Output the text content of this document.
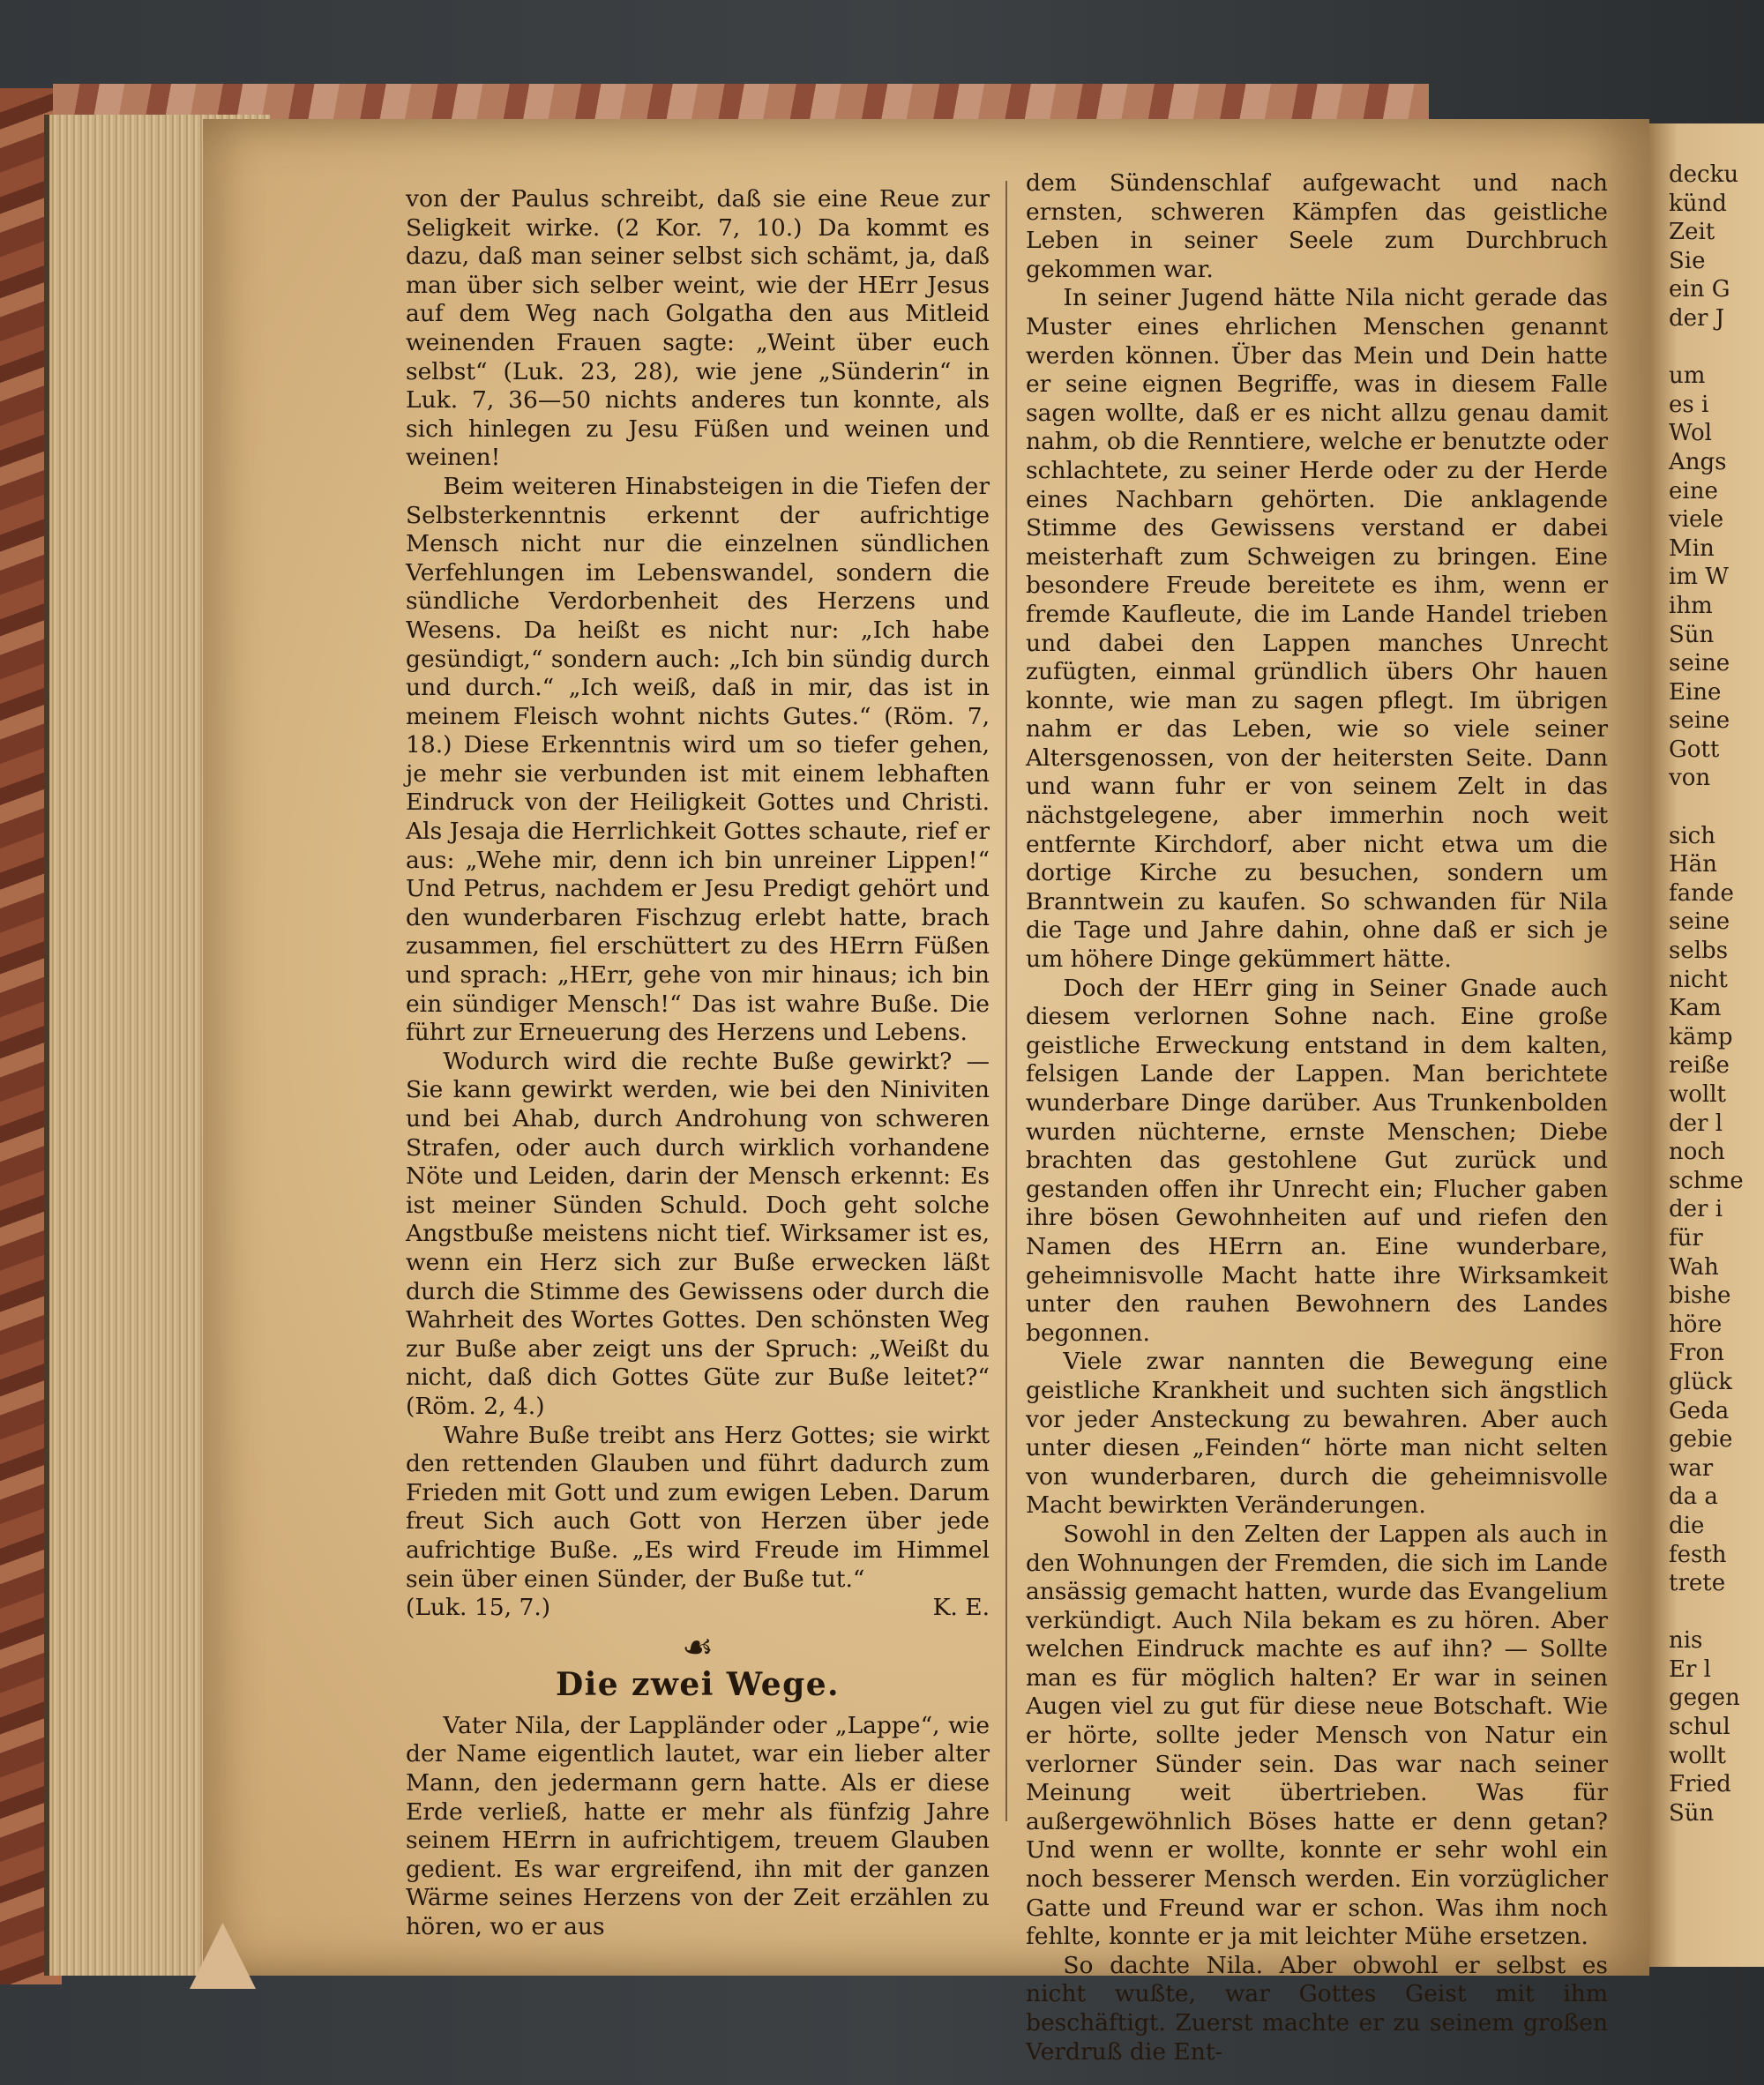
von der Paulus schreibt, daß sie eine Reue zur Seligkeit wirke. (2 Kor. 7, 10.) Da kommt es dazu, daß man seiner selbst sich schämt, ja, daß man über sich selber weint, wie der HErr Jesus auf dem Weg nach Golgatha den aus Mitleid weinenden Frauen sagte: „Weint über euch selbst“ (Luk. 23, 28), wie jene „Sünderin“ in Luk. 7, 36—50 nichts anderes tun konnte, als sich hinlegen zu Jesu Füßen und weinen und weinen!

Beim weiteren Hinabsteigen in die Tiefen der Selbsterkenntnis erkennt der aufrichtige Mensch nicht nur die einzelnen sündlichen Verfehlungen im Lebenswandel, sondern die sündliche Verdorbenheit des Herzens und Wesens. Da heißt es nicht nur: „Ich habe gesündigt,“ sondern auch: „Ich bin sündig durch und durch.“ „Ich weiß, daß in mir, das ist in meinem Fleisch wohnt nichts Gutes.“ (Röm. 7, 18.) Diese Erkenntnis wird um so tiefer gehen, je mehr sie verbunden ist mit einem lebhaften Eindruck von der Heiligkeit Gottes und Christi. Als Jesaja die Herrlichkeit Gottes schaute, rief er aus: „Wehe mir, denn ich bin unreiner Lippen!“ Und Petrus, nachdem er Jesu Predigt gehört und den wunderbaren Fischzug erlebt hatte, brach zusammen, fiel erschüttert zu des HErrn Füßen und sprach: „HErr, gehe von mir hinaus; ich bin ein sündiger Mensch!“ Das ist wahre Buße. Die führt zur Erneuerung des Herzens und Lebens.

Wodurch wird die rechte Buße gewirkt? — Sie kann gewirkt werden, wie bei den Niniviten und bei Ahab, durch Androhung von schweren Strafen, oder auch durch wirklich vorhandene Nöte und Leiden, darin der Mensch erkennt: Es ist meiner Sünden Schuld. Doch geht solche Angstbuße meistens nicht tief. Wirksamer ist es, wenn ein Herz sich zur Buße erwecken läßt durch die Stimme des Gewissens oder durch die Wahrheit des Wortes Gottes. Den schönsten Weg zur Buße aber zeigt uns der Spruch: „Weißt du nicht, daß dich Gottes Güte zur Buße leitet?“ (Röm. 2, 4.)

Wahre Buße treibt ans Herz Gottes; sie wirkt den rettenden Glauben und führt dadurch zum Frieden mit Gott und zum ewigen Leben. Darum freut Sich auch Gott von Herzen über jede aufrichtige Buße. „Es wird Freude im Himmel sein über einen Sünder, der Buße tut.“

(Luk. 15, 7.)	K. E.
☙
Die zwei Wege.

Vater Nila, der Lappländer oder „Lappe“, wie der Name eigentlich lautet, war ein lieber alter Mann, den jedermann gern hatte. Als er diese Erde verließ, hatte er mehr als fünfzig Jahre seinem HErrn in aufrichtigem, treuem Glauben gedient. Es war ergreifend, ihn mit der ganzen Wärme seines Herzens von der Zeit erzählen zu hören, wo er aus

dem Sündenschlaf aufgewacht und nach ernsten, schweren Kämpfen das geistliche Leben in seiner Seele zum Durchbruch gekommen war.

In seiner Jugend hätte Nila nicht gerade das Muster eines ehrlichen Menschen genannt werden können. Über das Mein und Dein hatte er seine eignen Begriffe, was in diesem Falle sagen wollte, daß er es nicht allzu genau damit nahm, ob die Renntiere, welche er benutzte oder schlachtete, zu seiner Herde oder zu der Herde eines Nachbarn gehörten. Die anklagende Stimme des Gewissens verstand er dabei meisterhaft zum Schweigen zu bringen. Eine besondere Freude bereitete es ihm, wenn er fremde Kaufleute, die im Lande Handel trieben und dabei den Lappen manches Unrecht zufügten, einmal gründlich übers Ohr hauen konnte, wie man zu sagen pflegt. Im übrigen nahm er das Leben, wie so viele seiner Altersgenossen, von der heitersten Seite. Dann und wann fuhr er von seinem Zelt in das nächstgelegene, aber immerhin noch weit entfernte Kirchdorf, aber nicht etwa um die dortige Kirche zu besuchen, sondern um Branntwein zu kaufen. So schwanden für Nila die Tage und Jahre dahin, ohne daß er sich je um höhere Dinge gekümmert hätte.

Doch der HErr ging in Seiner Gnade auch diesem verlornen Sohne nach. Eine große geistliche Erweckung entstand in dem kalten, felsigen Lande der Lappen. Man berichtete wunderbare Dinge darüber. Aus Trunkenbolden wurden nüchterne, ernste Menschen; Diebe brachten das gestohlene Gut zurück und gestanden offen ihr Unrecht ein; Flucher gaben ihre bösen Gewohnheiten auf und riefen den Namen des HErrn an. Eine wunderbare, geheimnisvolle Macht hatte ihre Wirksamkeit unter den rauhen Bewohnern des Landes begonnen.

Viele zwar nannten die Bewegung eine geistliche Krankheit und suchten sich ängstlich vor jeder Ansteckung zu bewahren. Aber auch unter diesen „Feinden“ hörte man nicht selten von wunderbaren, durch die geheimnisvolle Macht bewirkten Veränderungen.

Sowohl in den Zelten der Lappen als auch in den Wohnungen der Fremden, die sich im Lande ansässig gemacht hatten, wurde das Evangelium verkündigt. Auch Nila bekam es zu hören. Aber welchen Eindruck machte es auf ihn? — Sollte man es für möglich halten? Er war in seinen Augen viel zu gut für diese neue Botschaft. Wie er hörte, sollte jeder Mensch von Natur ein verlorner Sünder sein. Das war nach seiner Meinung weit übertrieben. Was für außergewöhnlich Böses hatte er denn getan? Und wenn er wollte, konnte er sehr wohl ein noch besserer Mensch werden. Ein vorzüglicher Gatte und Freund war er schon. Was ihm noch fehlte, konnte er ja mit leichter Mühe ersetzen.

So dachte Nila. Aber obwohl er selbst es nicht wußte, war Gottes Geist mit ihm beschäftigt. Zuerst machte er zu seinem großen Verdruß die Ent-

decku
künd
Zeit
Sie
ein G
der J

um
es i
Wol
Angs
eine
viele
Min
im W
ihm
Sün
seine
Eine
seine
Gott
von

sich
Hän
fande
seine
selbs
nicht
Kam
kämp
reiße
wollt
der l
noch
schme
der i
für
Wah
bishe
höre
Fron
glück
Geda
gebie
war
da a
die
festh
trete

nis
Er l
gegen
schul
wollt
Fried
Sün
